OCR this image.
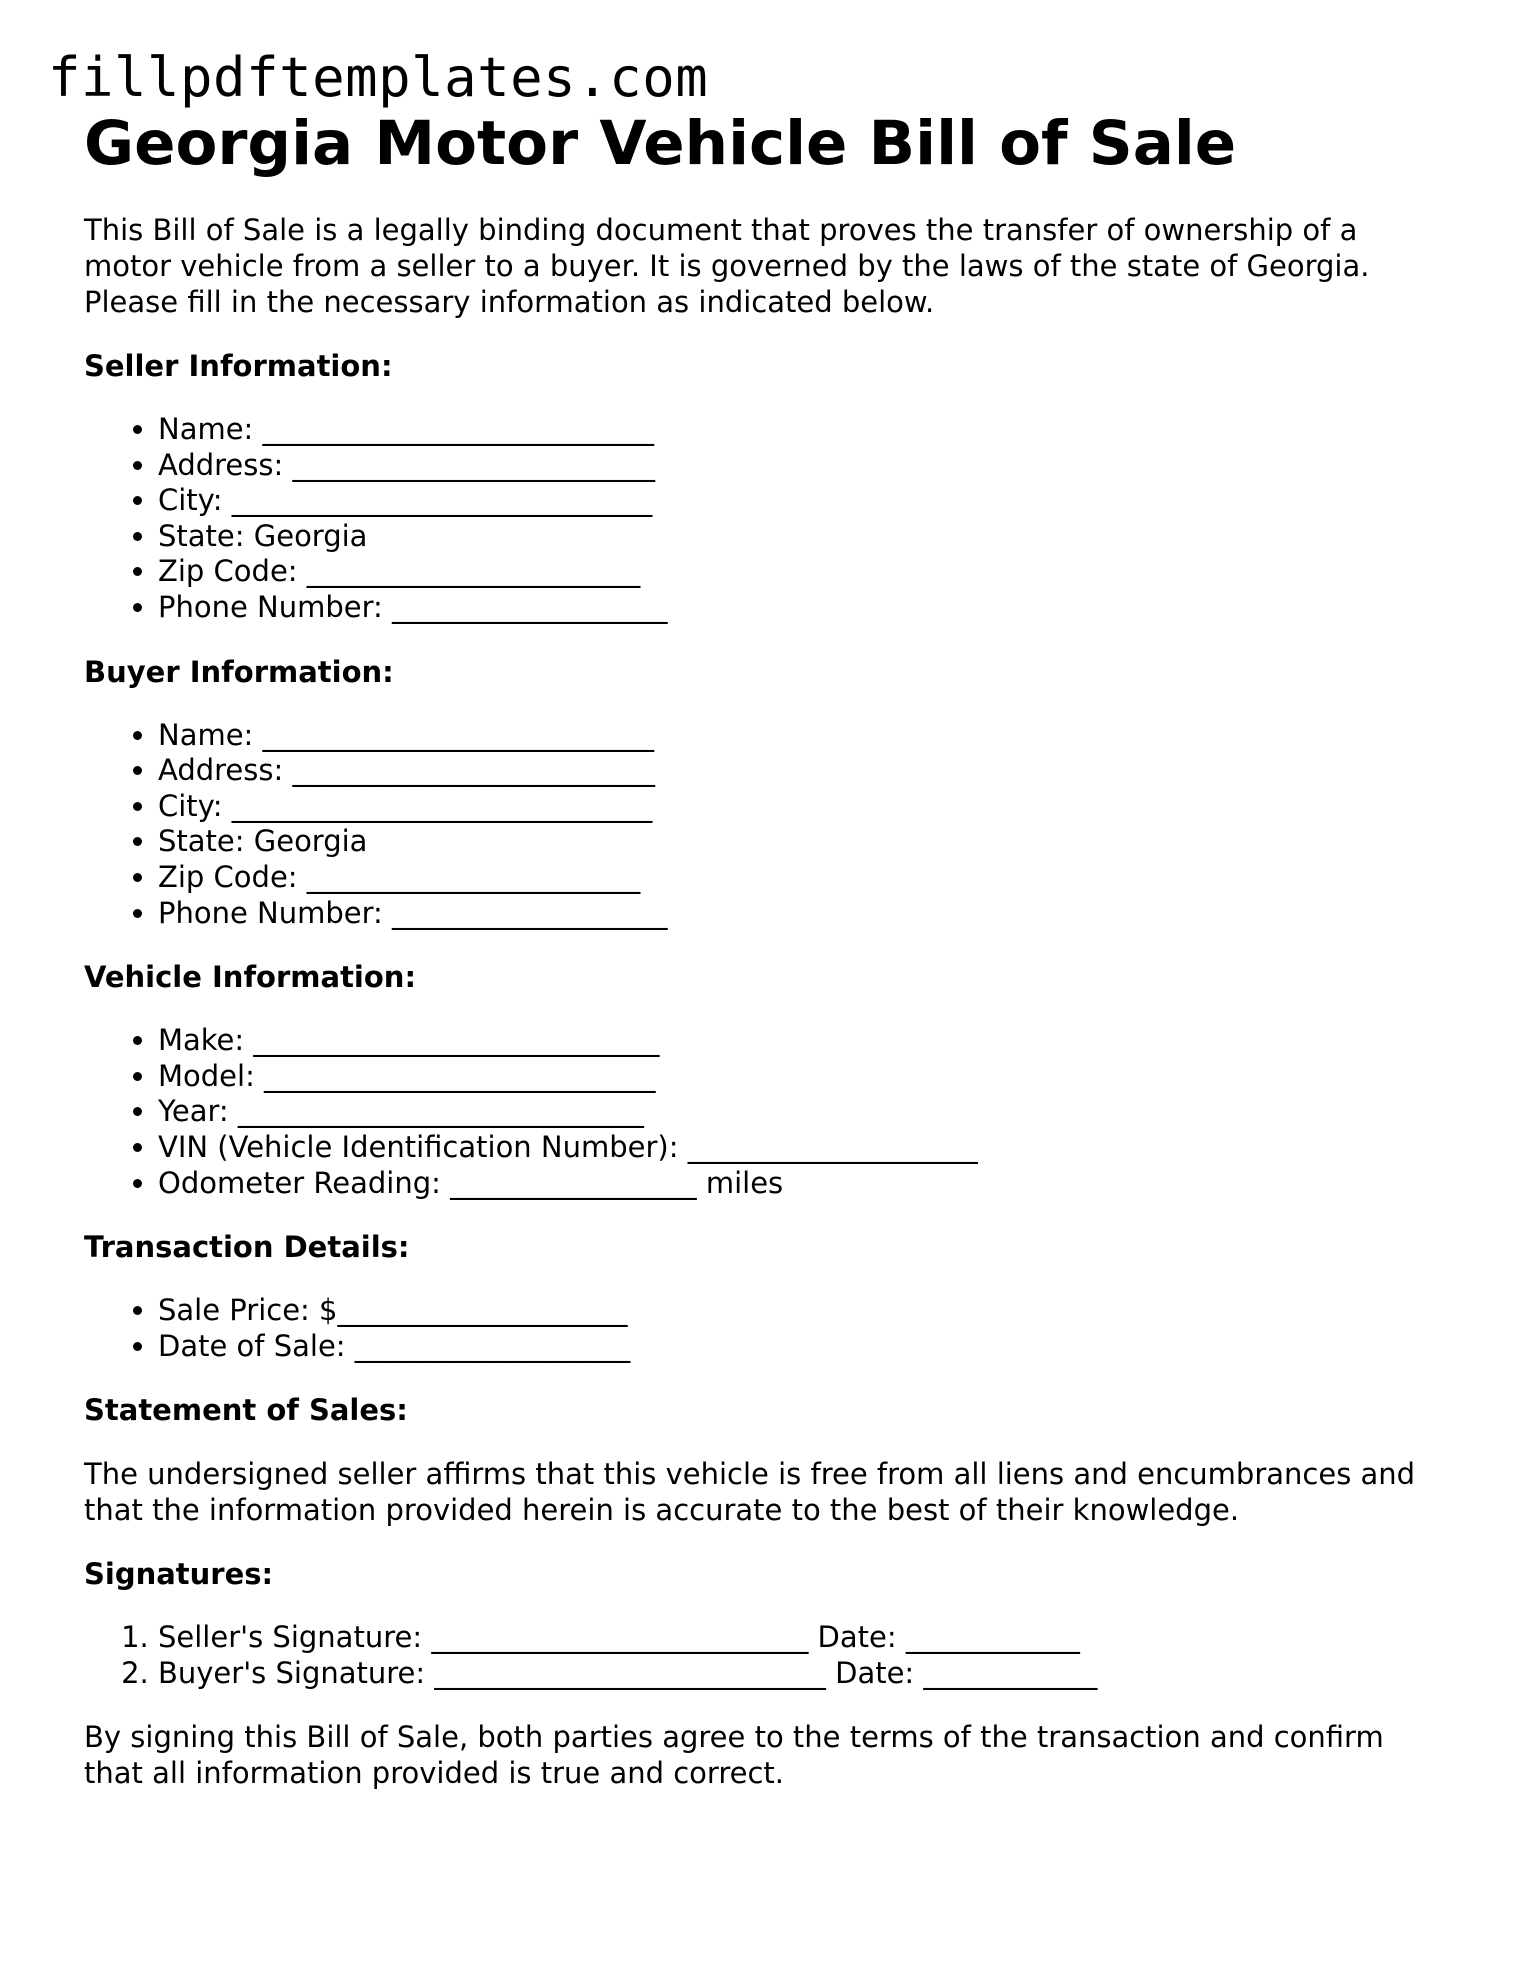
fillpdftemplates.com
Georgia Motor Vehicle Bill of Sale

This Bill of Sale is a legally binding document that proves the transfer of ownership of a motor vehicle from a seller to a buyer. It is governed by the laws of the state of Georgia. Please fill in the necessary information as indicated below.

Seller Information:
• Name: ___________________________
• Address: _________________________
• City: _____________________________
• State: Georgia
• Zip Code: _______________________
• Phone Number: ___________________
Buyer Information:
• Name: ___________________________
• Address: _________________________
• City: _____________________________
• State: Georgia
• Zip Code: _______________________
• Phone Number: ___________________
Vehicle Information:
• Make: ____________________________
• Model: ___________________________
• Year: ____________________________
• VIN (Vehicle Identification Number): ____________________
• Odometer Reading: _________________ miles
Transaction Details:
• Sale Price: $____________________
• Date of Sale: ___________________
Statement of Sales:

The undersigned seller affirms that this vehicle is free from all liens and encumbrances and that the information provided herein is accurate to the best of their knowledge.

Signatures:
1. Seller's Signature: __________________________ Date: ____________
2. Buyer's Signature: ___________________________ Date: ____________

By signing this Bill of Sale, both parties agree to the terms of the transaction and confirm that all information provided is true and correct.
